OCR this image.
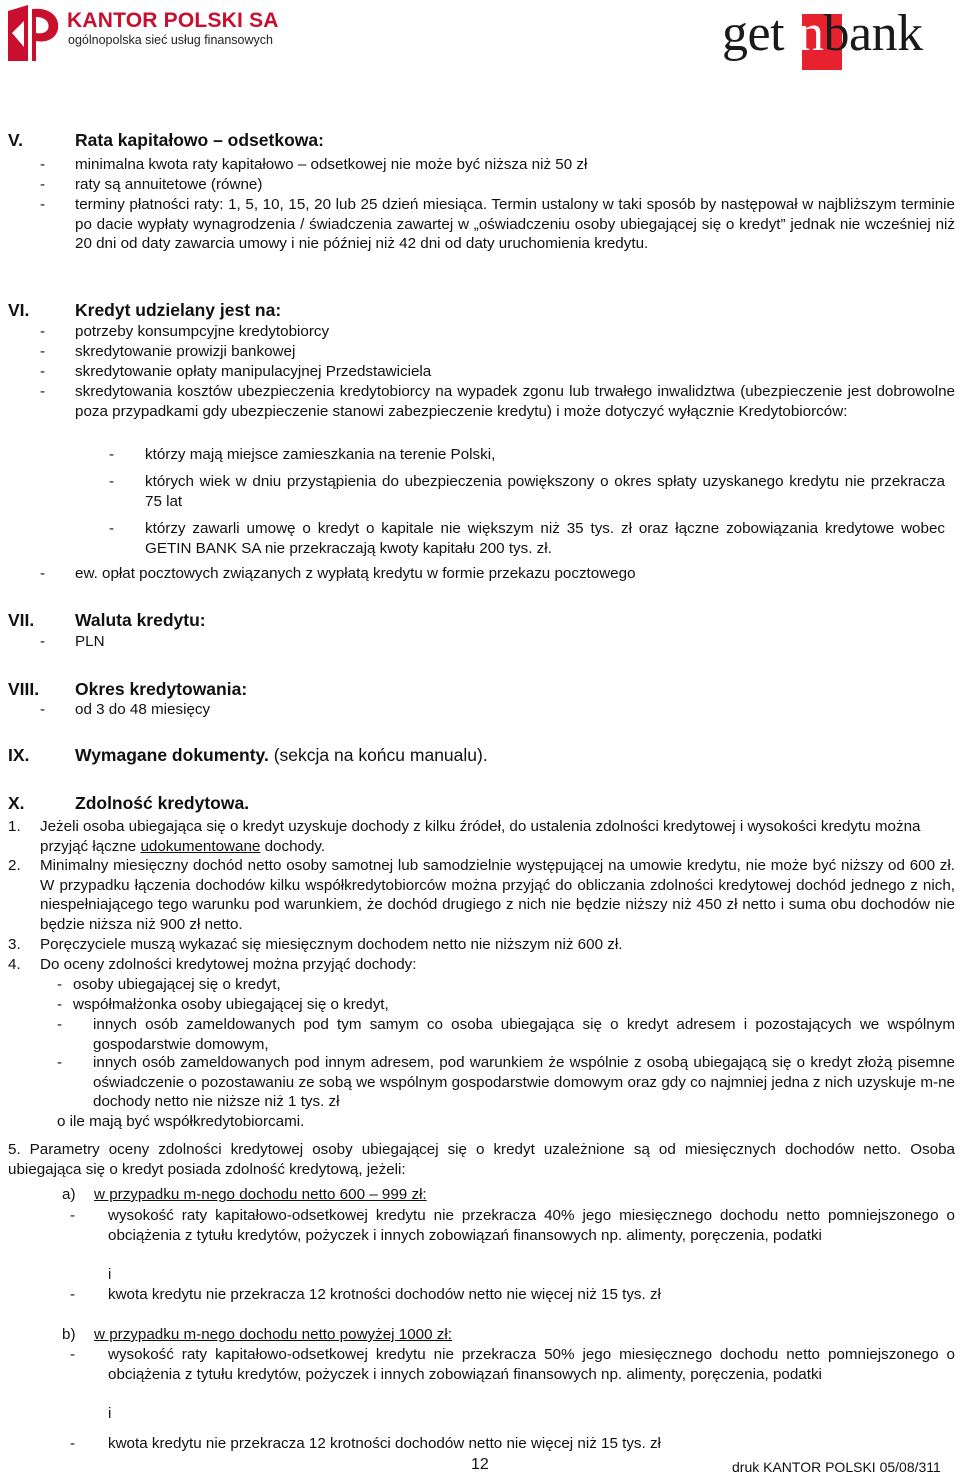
KANTOR POLSKI SA
ogólnopolska sieć usług finansowych	getinbank
V.	Rata kapitałowo – odsetkowa:
- minimalna kwota raty kapitałowo – odsetkowej nie może być niższa niż 50 zł
- raty są annuitetowe (równe)
- terminy płatności raty: 1, 5, 10, 15, 20 lub 25 dzień miesiąca. Termin ustalony w taki sposób by następował w najbliższym terminie po dacie wypłaty wynagrodzenia / świadczenia zawartej w „oświadczeniu osoby ubiegającej się o kredyt” jednak nie wcześniej niż 20 dni od daty zawarcia umowy i nie później niż 42 dni od daty uruchomienia kredytu.
VI.	Kredyt udzielany jest na:
- potrzeby konsumpcyjne kredytobiorcy
- skredytowanie prowizji bankowej
- skredytowanie opłaty manipulacyjnej Przedstawiciela
- skredytowania kosztów ubezpieczenia kredytobiorcy na wypadek zgonu lub trwałego inwalidztwa (ubezpieczenie jest dobrowolne poza przypadkami gdy ubezpieczenie stanowi zabezpieczenie kredytu) i może dotyczyć wyłącznie Kredytobiorców:
- którzy mają miejsce zamieszkania na terenie Polski,
- których wiek w dniu przystąpienia do ubezpieczenia powiększony o okres spłaty uzyskanego kredytu nie przekracza 75 lat
- którzy zawarli umowę o kredyt o kapitale nie większym niż 35 tys. zł oraz łączne zobowiązania kredytowe wobec GETIN BANK SA nie przekraczają kwoty kapitału 200 tys. zł.
- ew. opłat pocztowych związanych z wypłatą kredytu w formie przekazu pocztowego
VII. Waluta kredytu:
- PLN
VIII. Okres kredytowania:
- od 3 do 48 miesięcy
IX.	Wymagane dokumenty. (sekcja na końcu manualu).
X.	Zdolność kredytowa.
1. Jeżeli osoba ubiegająca się o kredyt uzyskuje dochody z kilku źródeł, do ustalenia zdolności kredytowej i wysokości kredytu można przyjąć łączne udokumentowane dochody.
2. Minimalny miesięczny dochód netto osoby samotnej lub samodzielnie występującej na umowie kredytu, nie może być niższy od 600 zł. W przypadku łączenia dochodów kilku współkredytobiorców można przyjąć do obliczania zdolności kredytowej dochód jednego z nich, niespełniającego tego warunku pod warunkiem, że dochód drugiego z nich nie będzie niższy niż 450 zł netto i suma obu dochodów nie będzie niższa niż 900 zł netto.
3. Poręczyciele muszą wykazać się miesięcznym dochodem netto nie niższym niż 600 zł.
4. Do oceny zdolności kredytowej można przyjąć dochody:
- osoby ubiegającej się o kredyt,
- współmałżonka osoby ubiegającej się o kredyt,
-	innych osób zameldowanych pod tym samym co osoba ubiegająca się o kredyt adresem i pozostających we wspólnym gospodarstwie domowym,
-	innych osób zameldowanych pod innym adresem, pod warunkiem że wspólnie z osobą ubiegającą się o kredyt złożą pisemne oświadczenie o pozostawaniu ze sobą we wspólnym gospodarstwie domowym oraz gdy co najmniej jedna z nich uzyskuje m-ne dochody netto nie niższe niż 1 tys. zł
o ile mają być współkredytobiorcami.
5. Parametry oceny zdolności kredytowej osoby ubiegającej się o kredyt uzależnione są od miesięcznych dochodów netto. Osoba ubiegająca się o kredyt posiada zdolność kredytową, jeżeli:
a) w przypadku m-nego dochodu netto 600 – 999 zł:
- wysokość raty kapitałowo-odsetkowej kredytu nie przekracza 40% jego miesięcznego dochodu netto pomniejszonego o obciążenia z tytułu kredytów, pożyczek i innych zobowiązań finansowych np. alimenty, poręczenia, podatki
i
- kwota kredytu nie przekracza 12 krotności dochodów netto nie więcej niż 15 tys. zł
b) w przypadku m-nego dochodu netto powyżej 1000 zł:
- wysokość raty kapitałowo-odsetkowej kredytu nie przekracza 50% jego miesięcznego dochodu netto pomniejszonego o obciążenia z tytułu kredytów, pożyczek i innych zobowiązań finansowych np. alimenty, poręczenia, podatki
i
- kwota kredytu nie przekracza 12 krotności dochodów netto nie więcej niż 15 tys. zł
12	druk KANTOR POLSKI 05/08/311
